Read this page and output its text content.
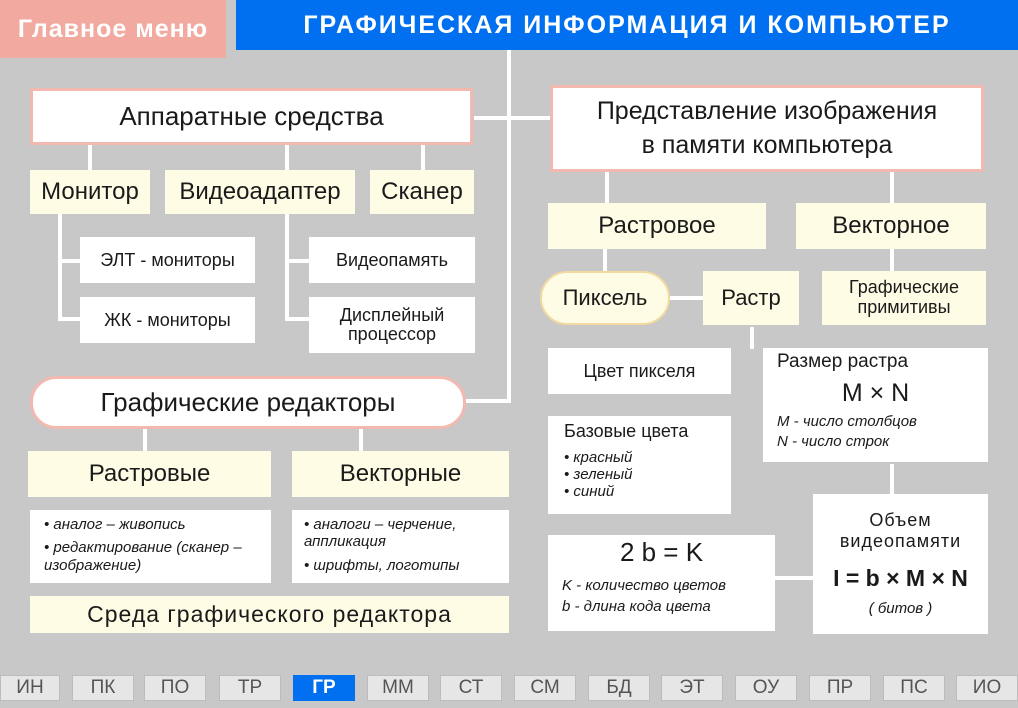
Главное меню	ГРАФИЧЕСКАЯ ИНФОРМАЦИЯ И КОМПЬЮТЕР
Аппаратные средства
Монитор	Видеоадаптер	Сканер
ЭЛТ - мониторы
ЖК - мониторы
Видеопамять
Дисплейный процессор
Представление изображения
в памяти компьютера
Растровое	Векторное
Пиксель	Растр	Графические примитивы
Цвет пикселя
Базовые цвета
• красный
• зеленый
• синий
2 b = K
K - количество цветов
b - длина кода цвета
Размер растра
M × N
M - число столбцов
N - число строк
Объем видеопамяти
I = b × M × N
( битов )
Графические редакторы
Растровые	Векторные
• аналог – живопись
• редактирование (сканер – изображение)
• аналоги – черчение, аппликация
• шрифты, логотипы
Среда графического редактора
ИН	ПК	ПО	ТР	ГР	ММ	СТ	СМ	БД	ЭТ	ОУ	ПР	ПС	ИО
